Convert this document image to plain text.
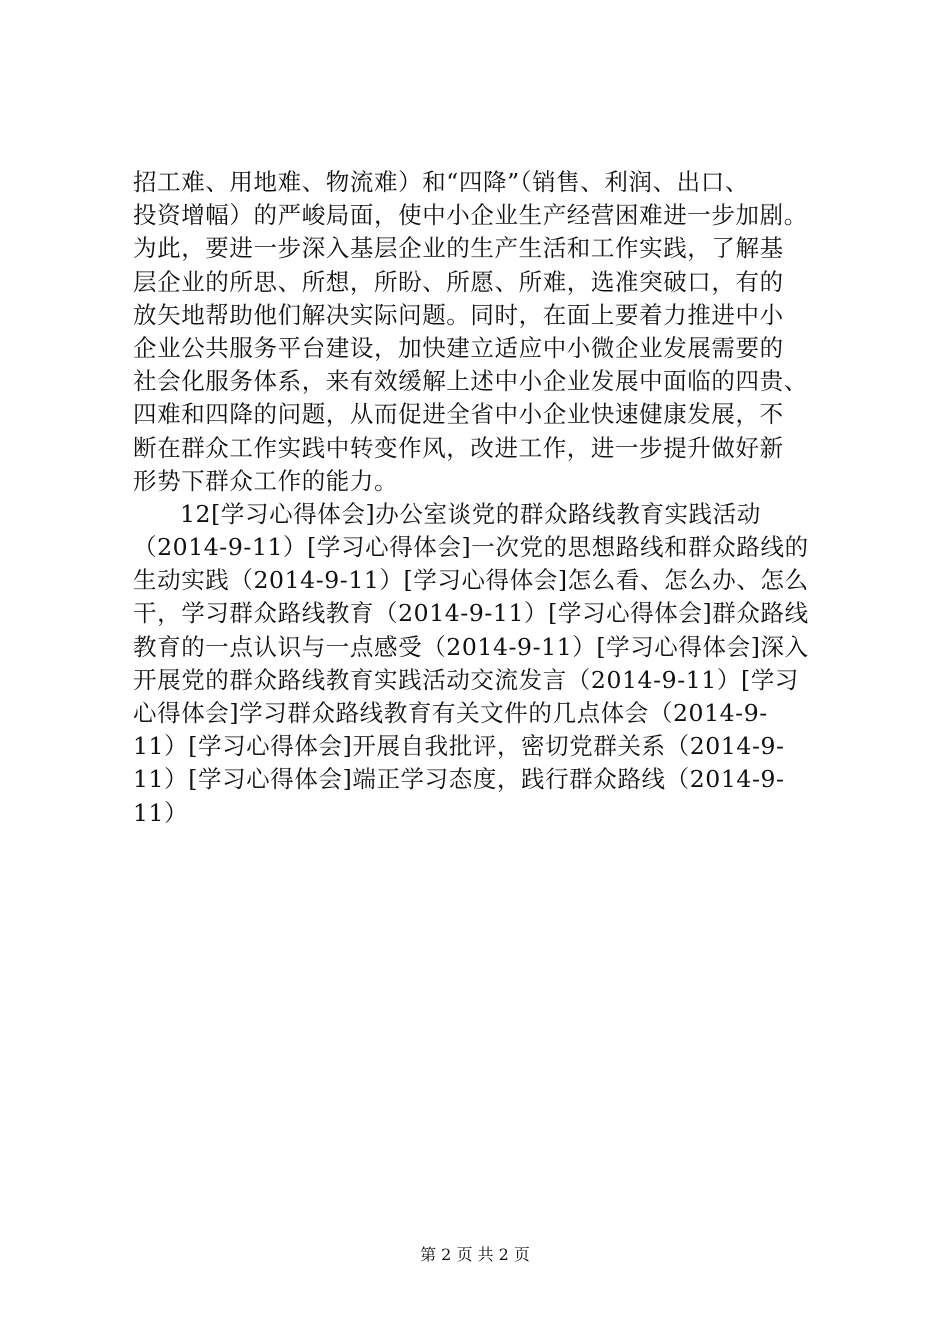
招工难、用地难、物流难）和“四降”（销售、利润、出口、
投资增幅）的严峻局面，使中小企业生产经营困难进一步加剧。
为此，要进一步深入基层企业的生产生活和工作实践，了解基
层企业的所思、所想，所盼、所愿、所难，选准突破口，有的
放矢地帮助他们解决实际问题。同时，在面上要着力推进中小
企业公共服务平台建设，加快建立适应中小微企业发展需要的
社会化服务体系，来有效缓解上述中小企业发展中面临的四贵、
四难和四降的问题，从而促进全省中小企业快速健康发展，不
断在群众工作实践中转变作风，改进工作，进一步提升做好新
形势下群众工作的能力。
12[学习心得体会]办公室谈党的群众路线教育实践活动
（2014-9-11）[学习心得体会]一次党的思想路线和群众路线的
生动实践（2014-9-11）[学习心得体会]怎么看、怎么办、怎么
干，学习群众路线教育（2014-9-11）[学习心得体会]群众路线
教育的一点认识与一点感受（2014-9-11）[学习心得体会]深入
开展党的群众路线教育实践活动交流发言（2014-9-11）[学习
心得体会]学习群众路线教育有关文件的几点体会（2014-9-
11）[学习心得体会]开展自我批评，密切党群关系（2014-9-
11）[学习心得体会]端正学习态度，践行群众路线（2014-9-
11）
第 2 页 共 2 页
